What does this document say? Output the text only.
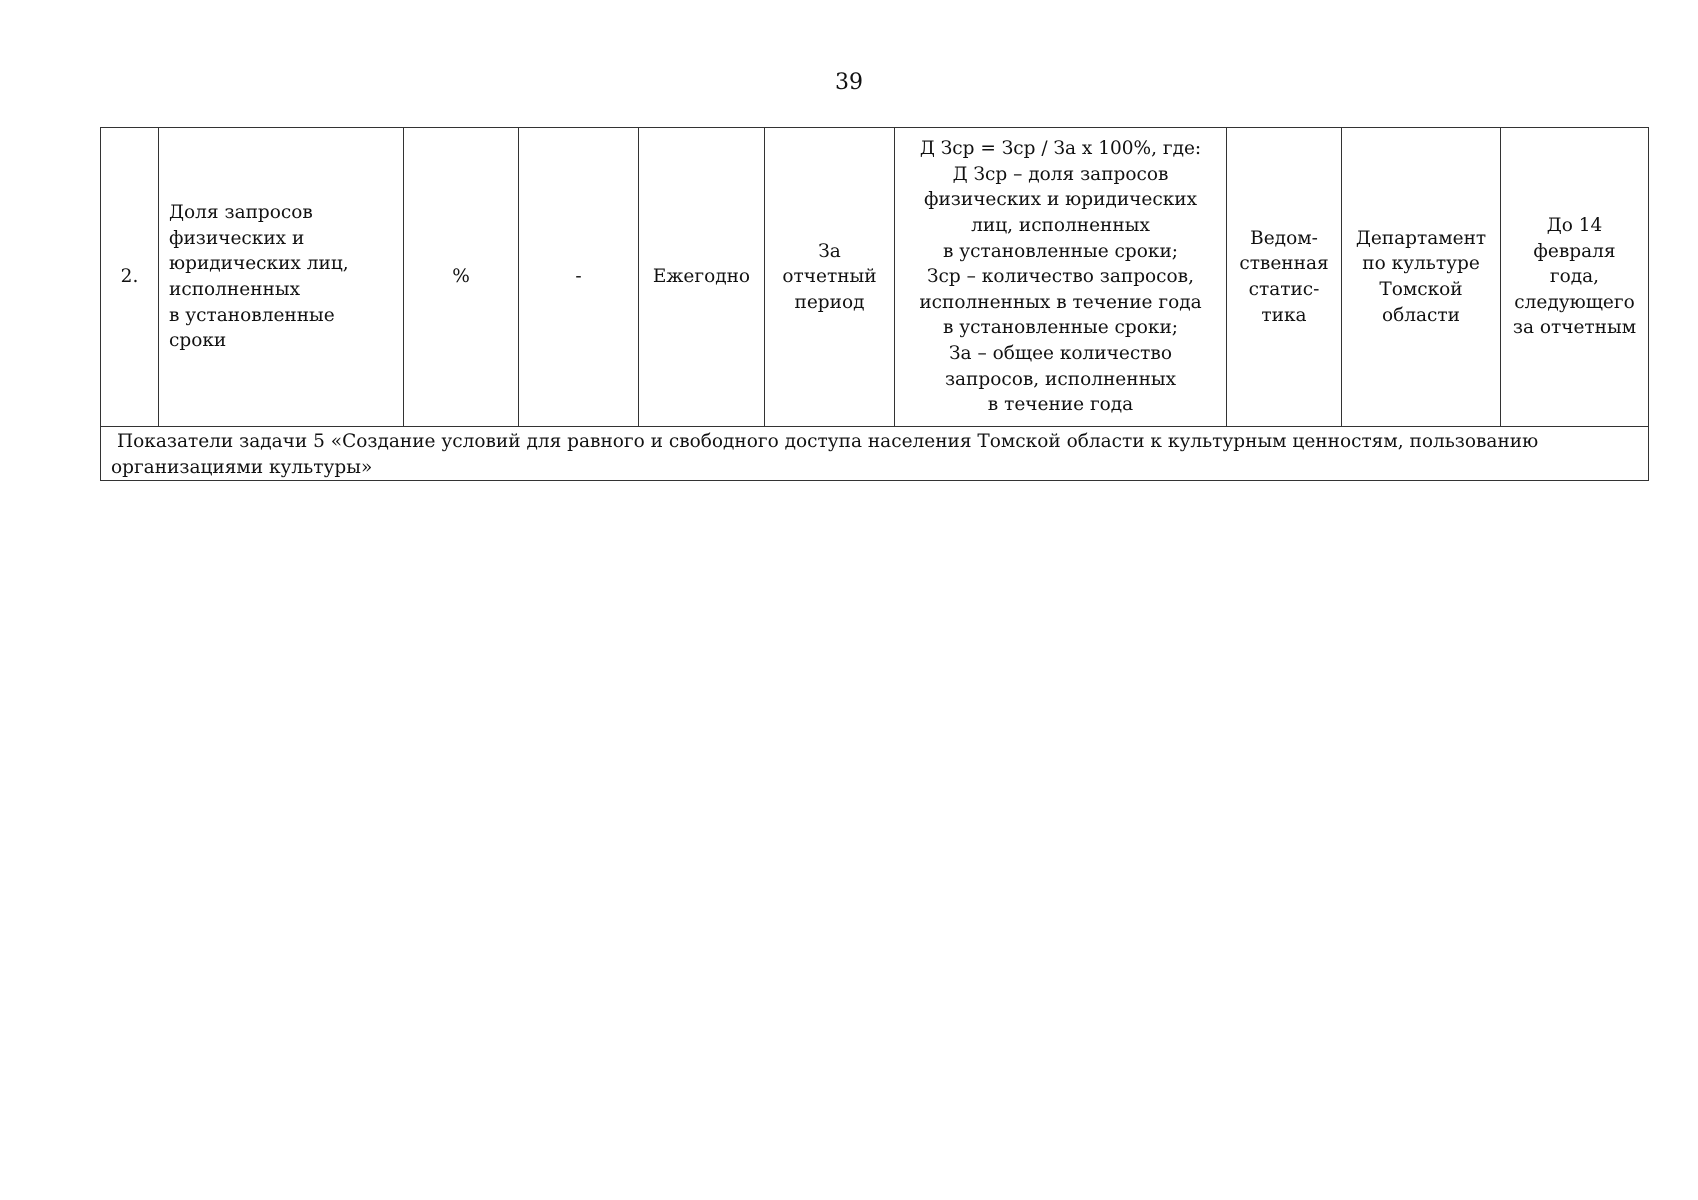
39
2.	Доля запросов
физических и
юридических лиц,
исполненных
в установленные сроки	%	-	Ежегодно	За
отчетный
период	Д Зср = Зср / За х 100%, где:
Д Зср – доля запросов
физических и юридических
лиц, исполненных
в установленные сроки;
Зср – количество запросов,
исполненных в течение года
в установленные сроки;
За – общее количество
запросов, исполненных
в течение года	Ведом-
ственная
статис-
тика	Департамент
по культуре
Томской
области	До 14
февраля
года,
следующего
за отчетным
Показатели задачи 5 «Создание условий для равного и свободного доступа населения Томской области к культурным ценностям, пользованию
организациями культуры»
